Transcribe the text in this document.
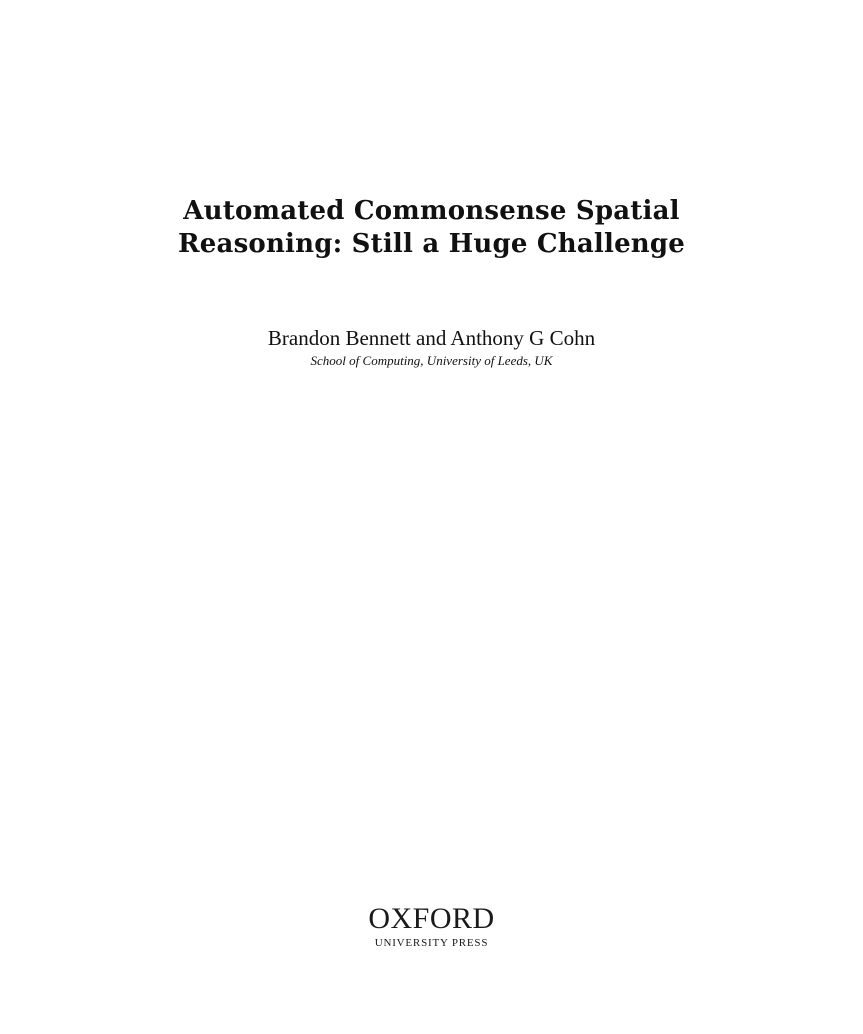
Automated Commonsense Spatial
Reasoning: Still a Huge Challenge
Brandon Bennett and Anthony G Cohn
School of Computing, University of Leeds, UK
OXFORD
UNIVERSITY PRESS
